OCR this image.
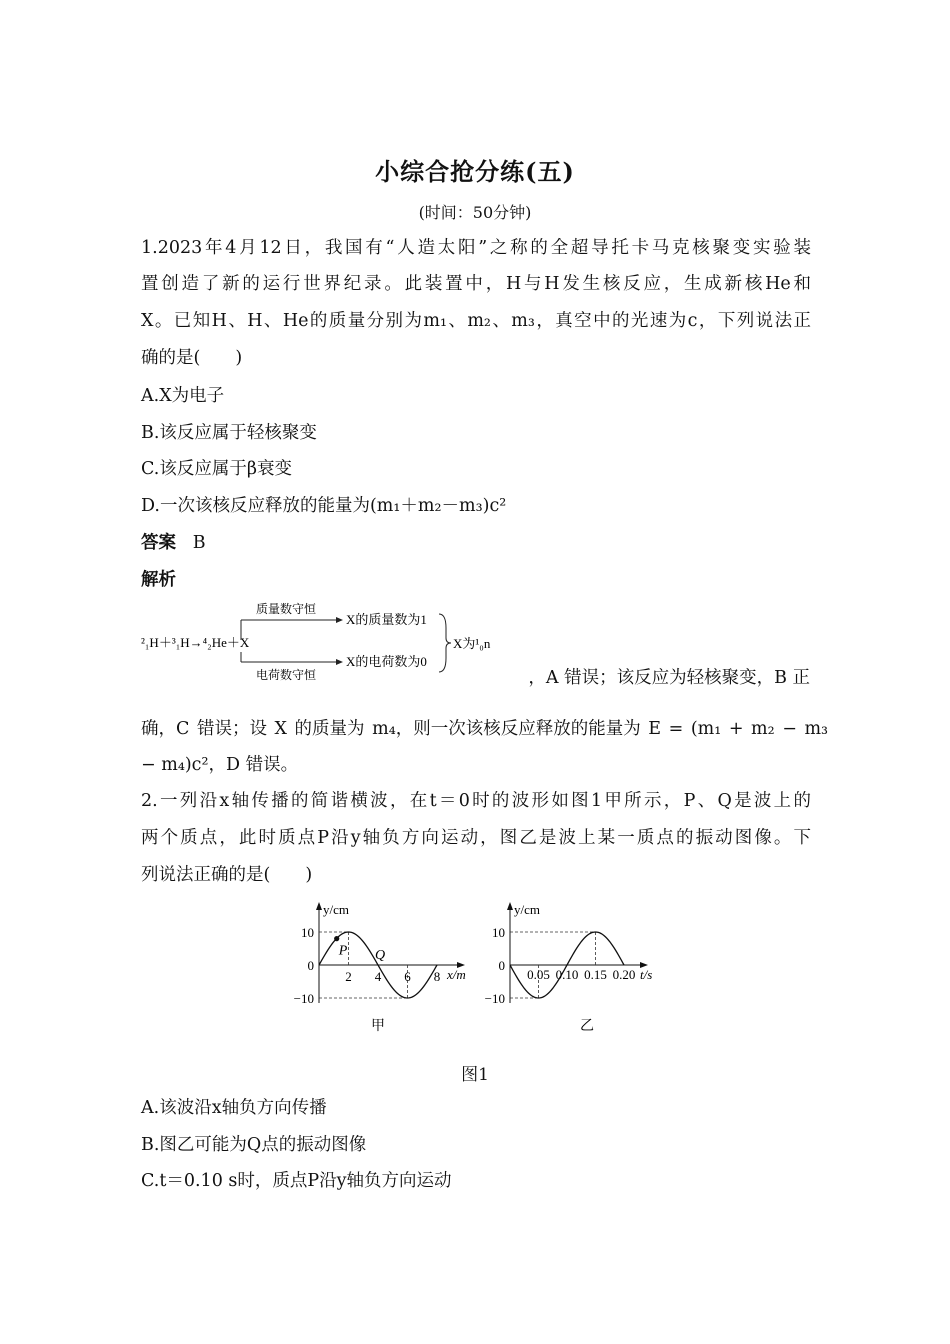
小综合抢分练(五)
(时间：50分钟)
1.2023年4月12日，我国有“人造太阳”之称的全超导托卡马克核聚变实验装
置创造了新的运行世界纪录。此装置中，H与H发生核反应，生成新核He和
X。已知H、H、He的质量分别为m₁、m₂、m₃，真空中的光速为c，下列说法正
确的是(　　)
A.X为电子
B.该反应属于轻核聚变
C.该反应属于β衰变
D.一次该核反应释放的能量为(m₁＋m₂－m₃)c²
答案 B
解析
²₁H＋³₁H→⁴₂He＋X
质量数守恒
电荷数守恒
X的质量数为1
X的电荷数为0
X为¹₀n
，A 错误；该反应为轻核聚变，B 正
确，C 错误；设 X 的质量为 m₄，则一次该核反应释放的能量为 E = (m₁ + m₂ − m₃
− m₄)c²，D 错误。
2.一列沿x轴传播的简谐横波，在t＝0时的波形如图1甲所示，P、Q是波上的
两个质点，此时质点P沿y轴负方向运动，图乙是波上某一质点的振动图像。下
列说法正确的是(　　)
y/cm
x/m
10
0
−10
2 4 6 8
甲
P Q
y/cm
t/s
10
0
−10
0.05 0.10 0.15 0.20
乙
图1
A.该波沿x轴负方向传播
B.图乙可能为Q点的振动图像
C.t＝0.10 s时，质点P沿y轴负方向运动
